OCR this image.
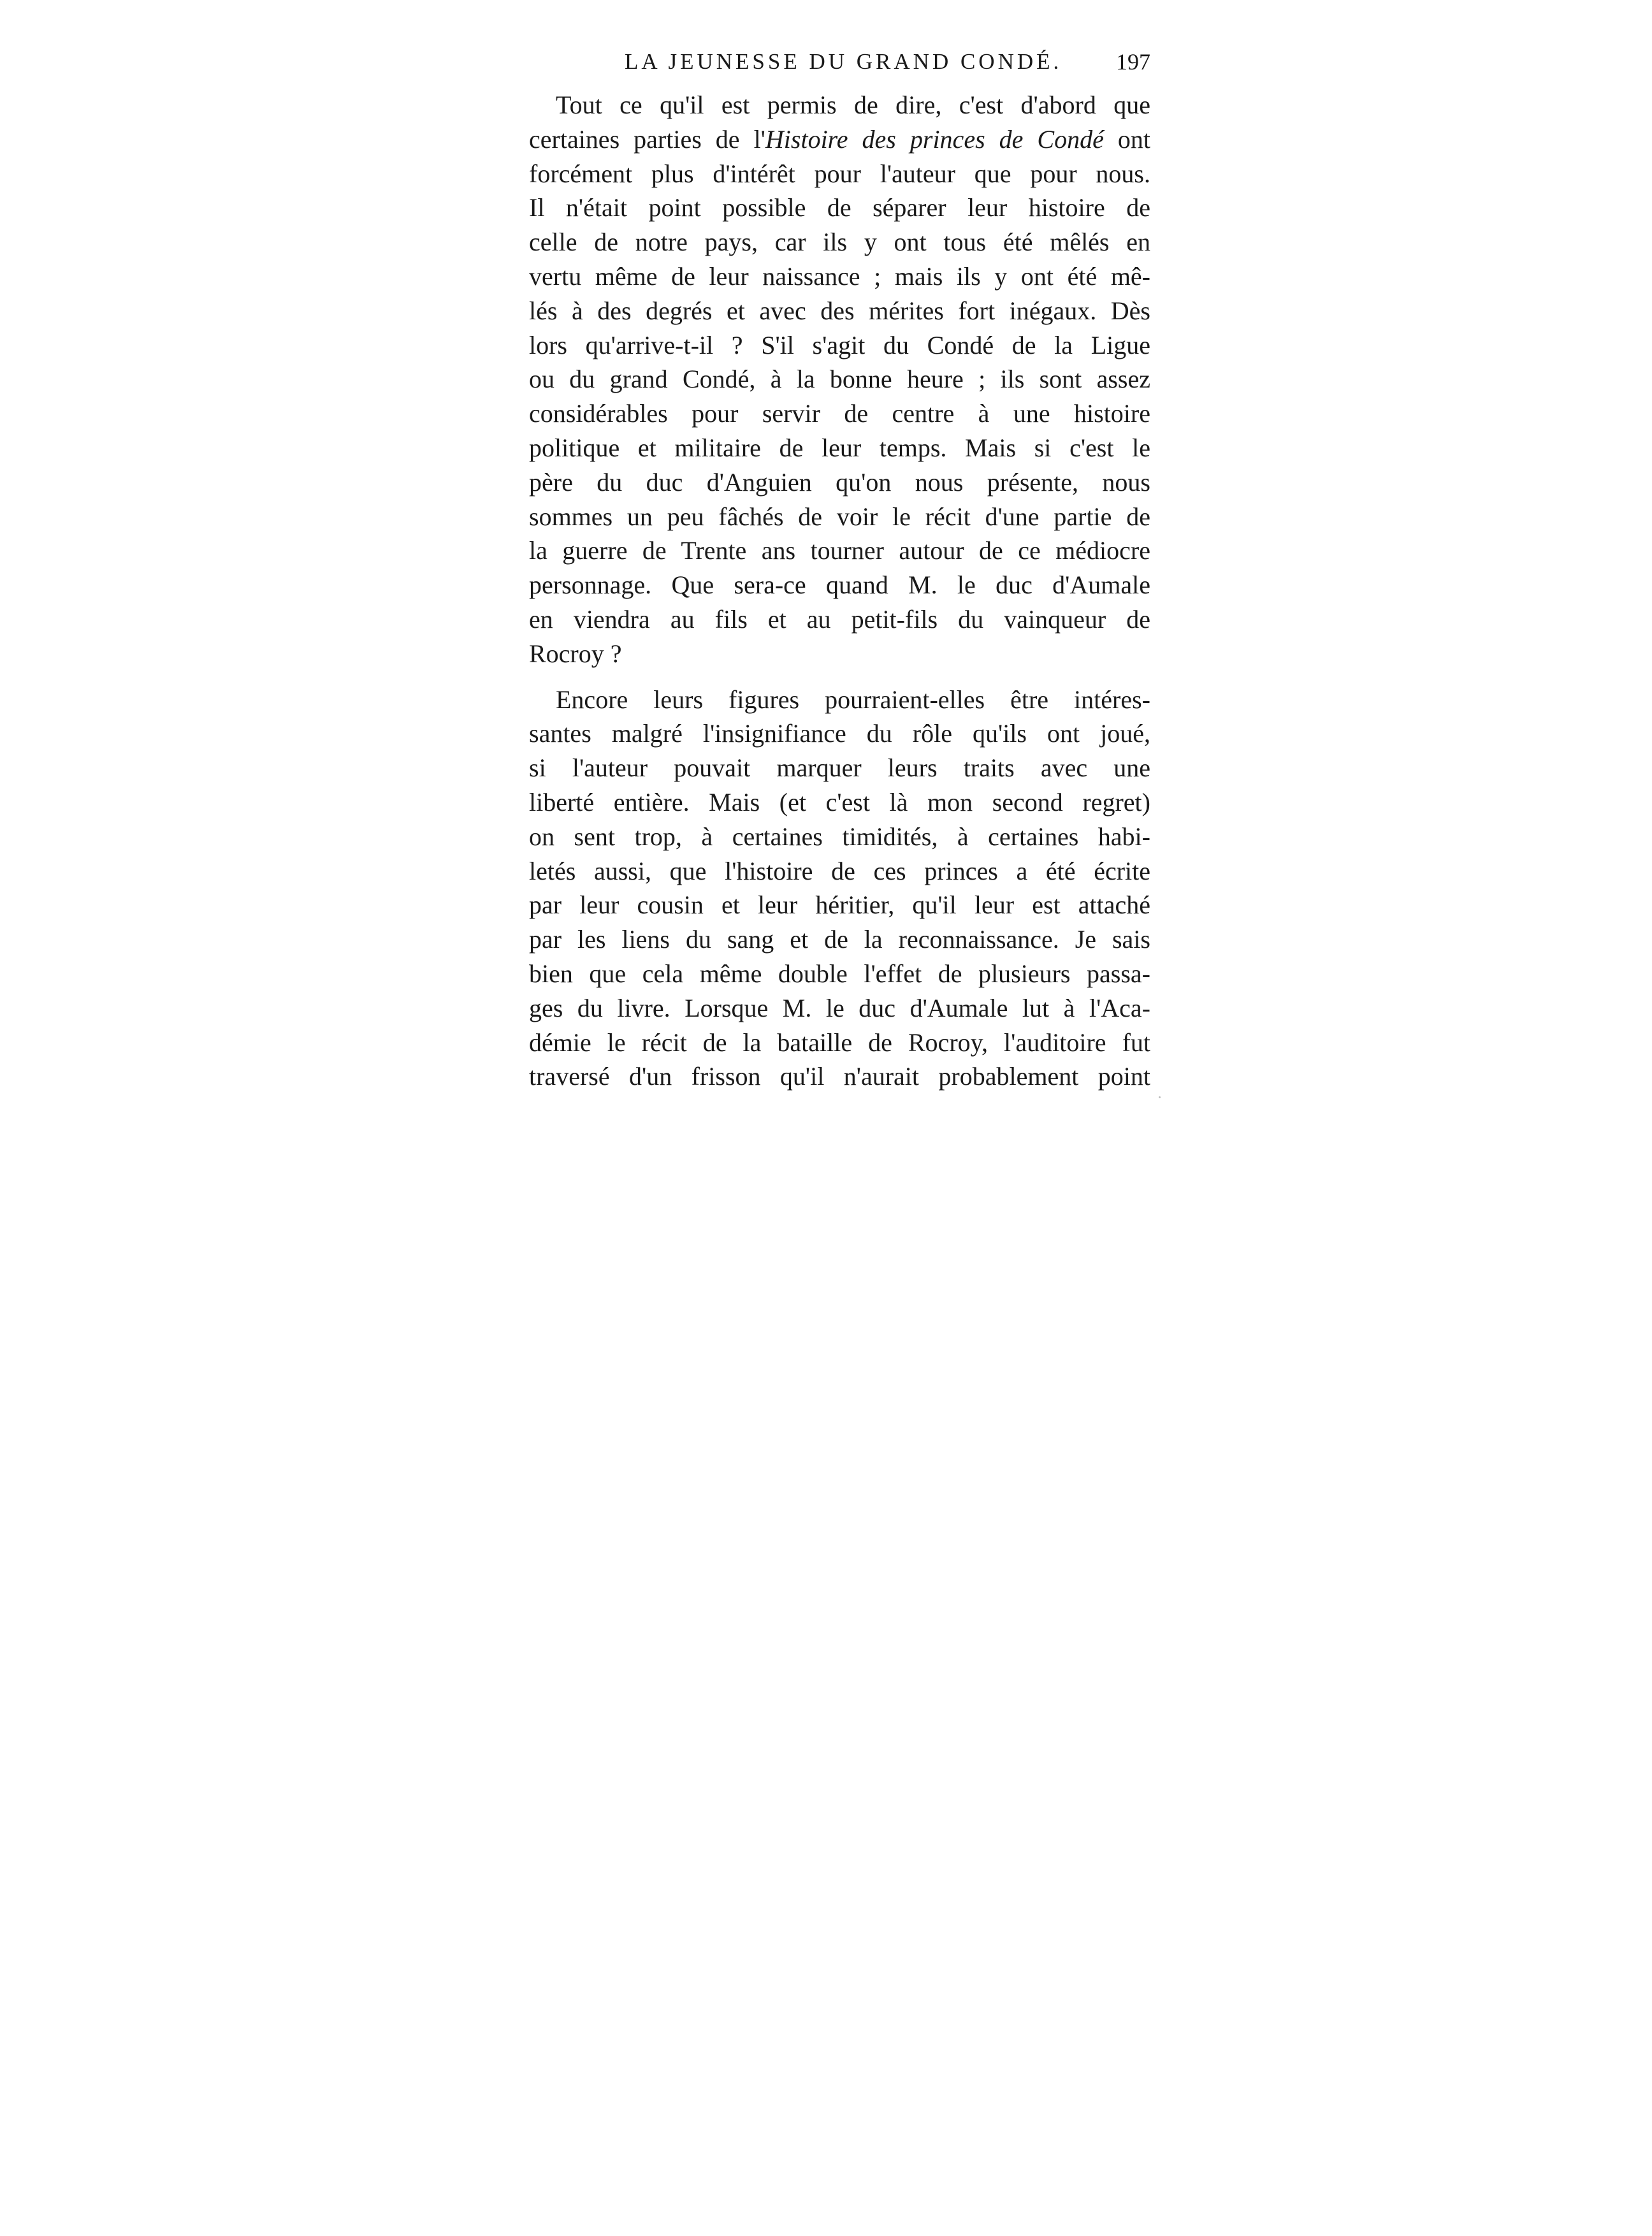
LA JEUNESSE DU GRAND CONDÉ. 197
Tout ce qu'il est permis de dire, c'est d'abord que
certaines parties de l'Histoire des princes de Condé ont
forcément plus d'intérêt pour l'auteur que pour nous.
Il n'était point possible de séparer leur histoire de
celle de notre pays, car ils y ont tous été mêlés en
vertu même de leur naissance ; mais ils y ont été mê-
lés à des degrés et avec des mérites fort inégaux. Dès
lors qu'arrive-t-il ? S'il s'agit du Condé de la Ligue
ou du grand Condé, à la bonne heure ; ils sont assez
considérables pour servir de centre à une histoire
politique et militaire de leur temps. Mais si c'est le
père du duc d'Anguien qu'on nous présente, nous
sommes un peu fâchés de voir le récit d'une partie de
la guerre de Trente ans tourner autour de ce médiocre
personnage. Que sera-ce quand M. le duc d'Aumale
en viendra au fils et au petit-fils du vainqueur de
Rocroy ?
Encore leurs figures pourraient-elles être intéres-
santes malgré l'insignifiance du rôle qu'ils ont joué,
si l'auteur pouvait marquer leurs traits avec une
liberté entière. Mais (et c'est là mon second regret)
on sent trop, à certaines timidités, à certaines habi-
letés aussi, que l'histoire de ces princes a été écrite
par leur cousin et leur héritier, qu'il leur est attaché
par les liens du sang et de la reconnaissance. Je sais
bien que cela même double l'effet de plusieurs passa-
ges du livre. Lorsque M. le duc d'Aumale lut à l'Aca-
démie le récit de la bataille de Rocroy, l'auditoire fut
traversé d'un frisson qu'il n'aurait probablement point
